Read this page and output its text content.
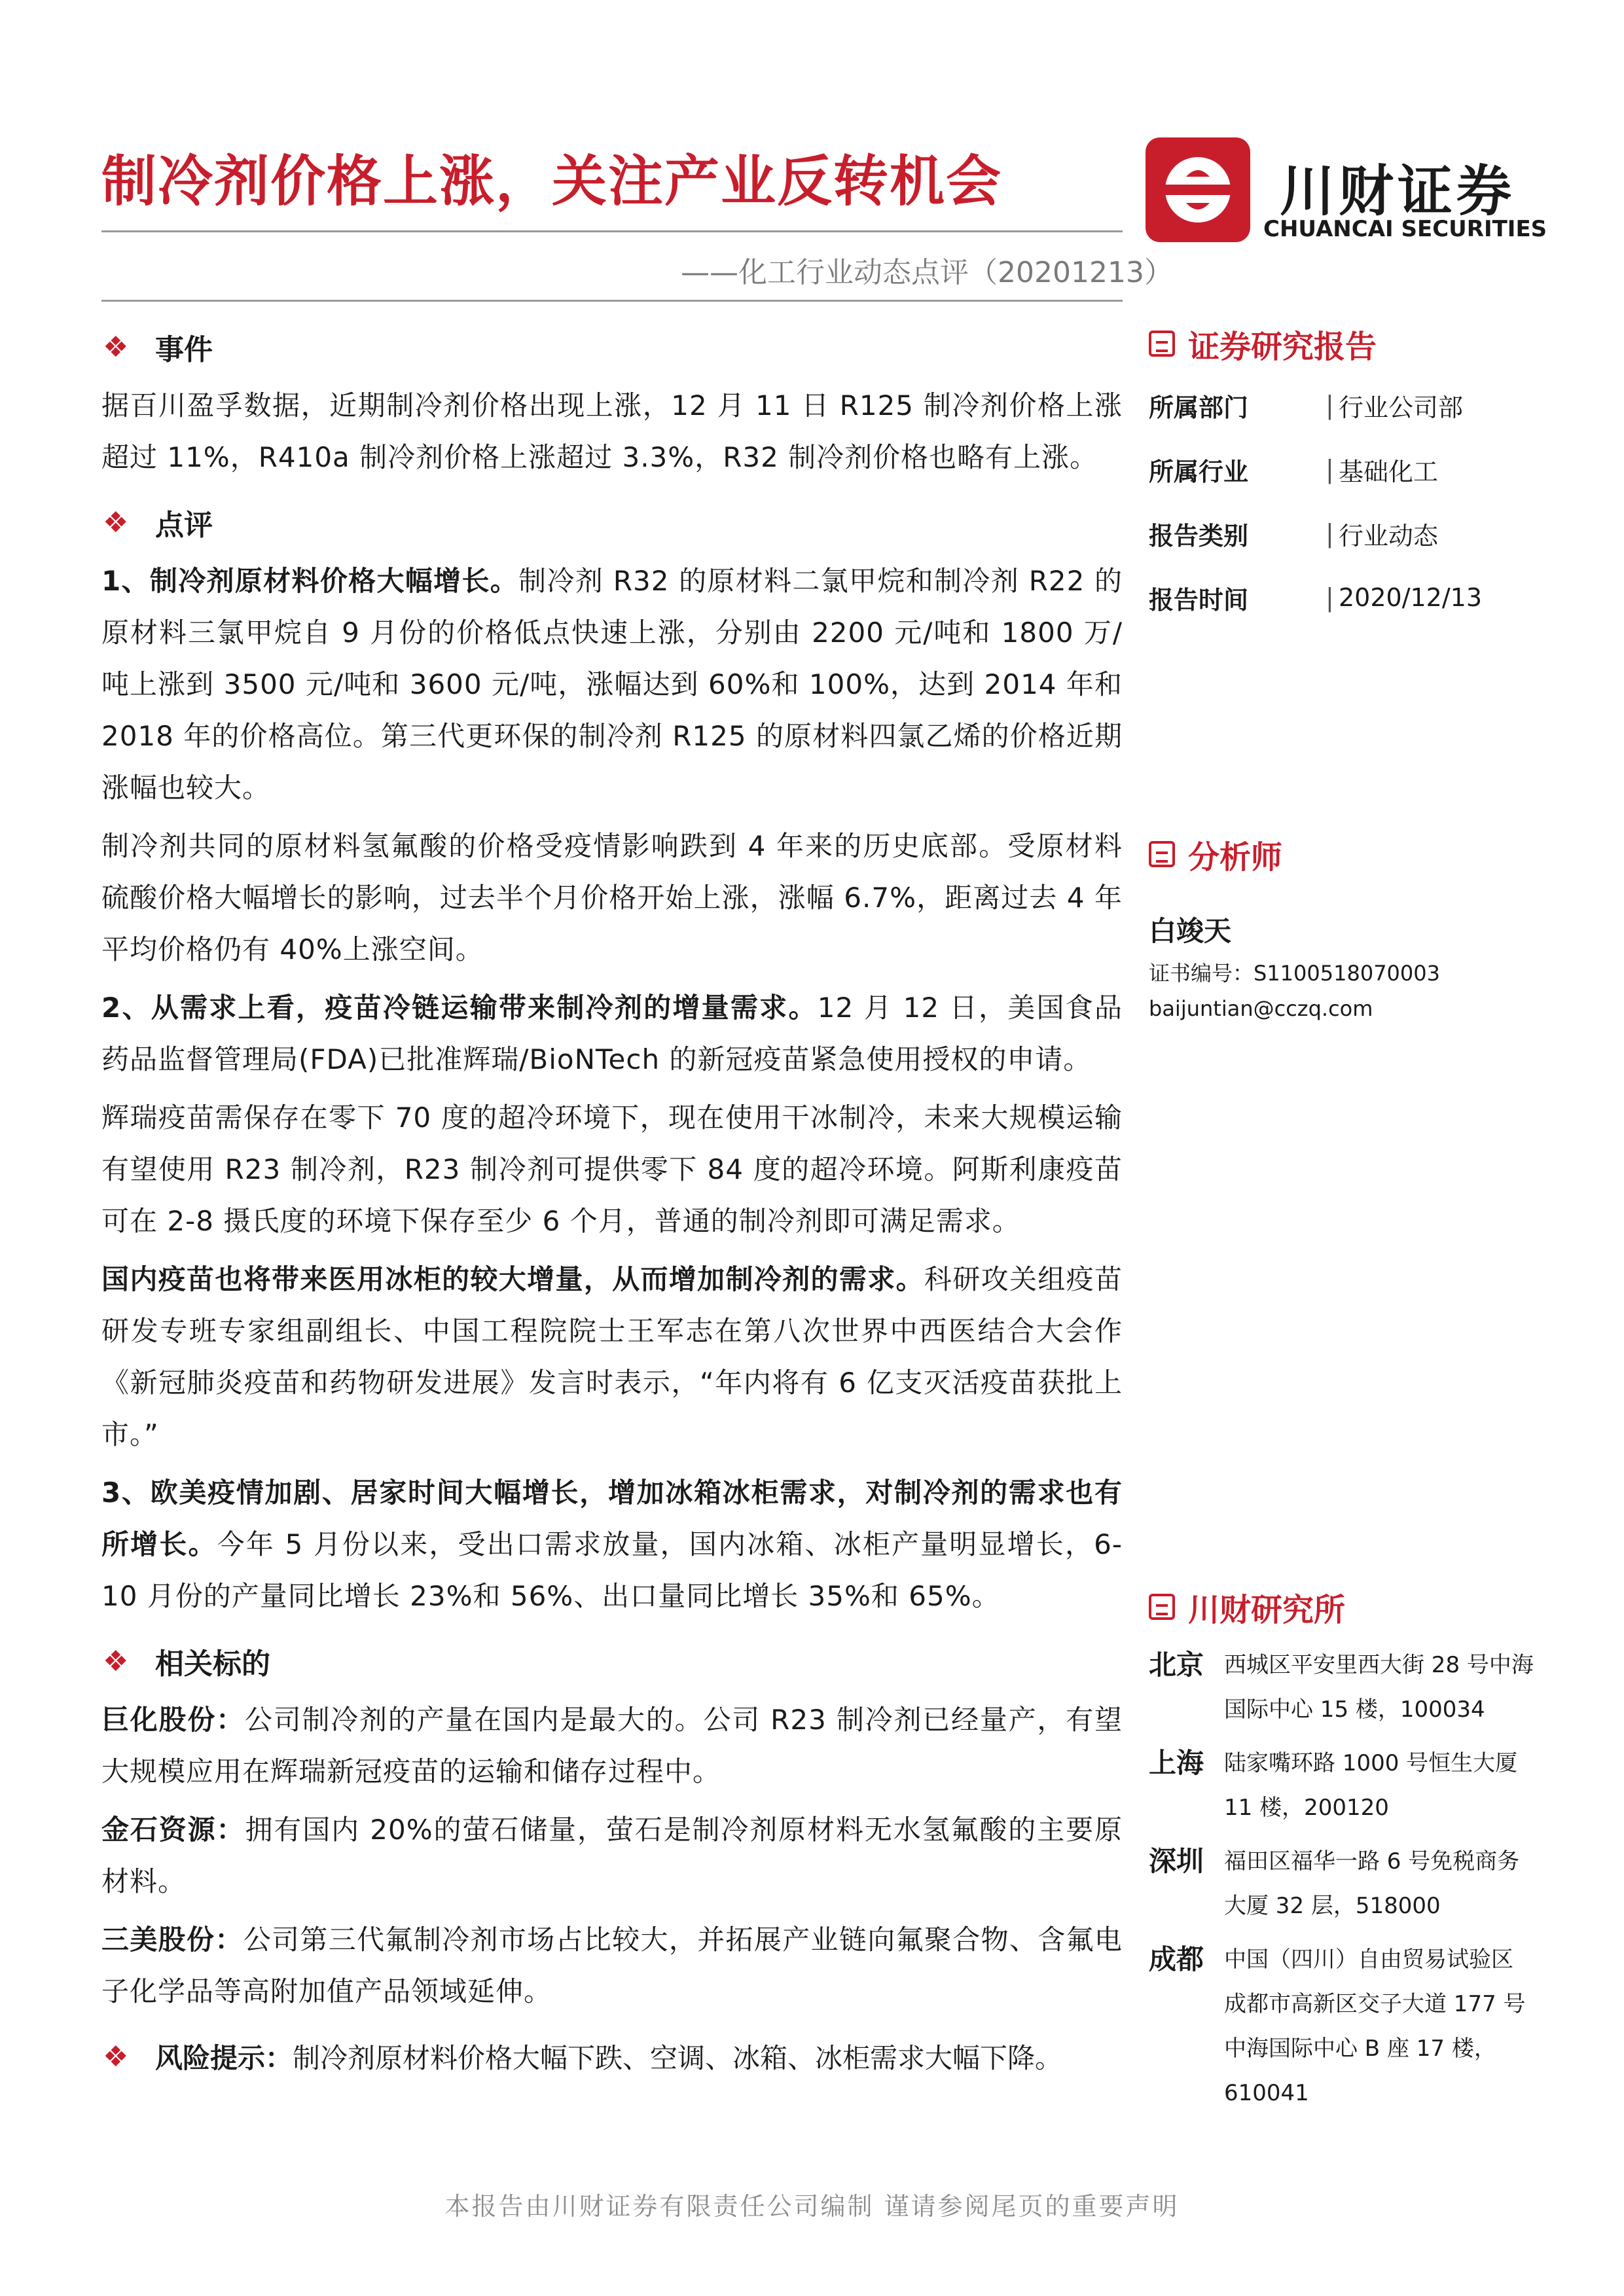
制冷剂价格上涨，关注产业反转机会
——化工行业动态点评（20201213）
川财证券
CHUANCAI SECURITIES
❖ 事件

据百川盈孚数据，近期制冷剂价格出现上涨，12 月 11 日 R125 制冷剂价格上涨超过 11%，R410a 制冷剂价格上涨超过 3.3%，R32 制冷剂价格也略有上涨。

❖ 点评

1、制冷剂原材料价格大幅增长。制冷剂 R32 的原材料二氯甲烷和制冷剂 R22 的原材料三氯甲烷自 9 月份的价格低点快速上涨，分别由 2200 元/吨和 1800 万/吨上涨到 3500 元/吨和 3600 元/吨，涨幅达到 60%和 100%，达到 2014 年和 2018 年的价格高位。第三代更环保的制冷剂 R125 的原材料四氯乙烯的价格近期涨幅也较大。

制冷剂共同的原材料氢氟酸的价格受疫情影响跌到 4 年来的历史底部。受原材料硫酸价格大幅增长的影响，过去半个月价格开始上涨，涨幅 6.7%，距离过去 4 年平均价格仍有 40%上涨空间。

2、从需求上看，疫苗冷链运输带来制冷剂的增量需求。12 月 12 日，美国食品药品监督管理局(FDA)已批准辉瑞/BioNTech 的新冠疫苗紧急使用授权的申请。

辉瑞疫苗需保存在零下 70 度的超冷环境下，现在使用干冰制冷，未来大规模运输有望使用 R23 制冷剂，R23 制冷剂可提供零下 84 度的超冷环境。阿斯利康疫苗可在 2-8 摄氏度的环境下保存至少 6 个月，普通的制冷剂即可满足需求。

国内疫苗也将带来医用冰柜的较大增量，从而增加制冷剂的需求。科研攻关组疫苗研发专班专家组副组长、中国工程院院士王军志在第八次世界中西医结合大会作《新冠肺炎疫苗和药物研发进展》发言时表示，“年内将有 6 亿支灭活疫苗获批上市。”

3、欧美疫情加剧、居家时间大幅增长，增加冰箱冰柜需求，对制冷剂的需求也有所增长。今年 5 月份以来，受出口需求放量，国内冰箱、冰柜产量明显增长，6-10 月份的产量同比增长 23%和 56%、出口量同比增长 35%和 65%。

❖ 相关标的

巨化股份：公司制冷剂的产量在国内是最大的。公司 R23 制冷剂已经量产，有望大规模应用在辉瑞新冠疫苗的运输和储存过程中。

金石资源：拥有国内 20%的萤石储量，萤石是制冷剂原材料无水氢氟酸的主要原材料。

三美股份：公司第三代氟制冷剂市场占比较大，并拓展产业链向氟聚合物、含氟电子化学品等高附加值产品领域延伸。

❖ 风险提示：制冷剂原材料价格大幅下跌、空调、冰箱、冰柜需求大幅下降。
证券研究报告
所属部门	| 行业公司部
所属行业	| 基础化工
报告类别	| 行业动态
报告时间	| 2020/12/13
分析师
白竣天
证书编号：S1100518070003
baijuntian@cczq.com
川财研究所
北京 西城区平安里西大街 28 号中海国际中心 15 楼，100034
上海 陆家嘴环路 1000 号恒生大厦 11 楼，200120
深圳 福田区福华一路 6 号免税商务大厦 32 层，518000
成都 中国（四川）自由贸易试验区成都市高新区交子大道 177 号中海国际中心 B 座 17 楼，610041
本报告由川财证券有限责任公司编制 谨请参阅尾页的重要声明
